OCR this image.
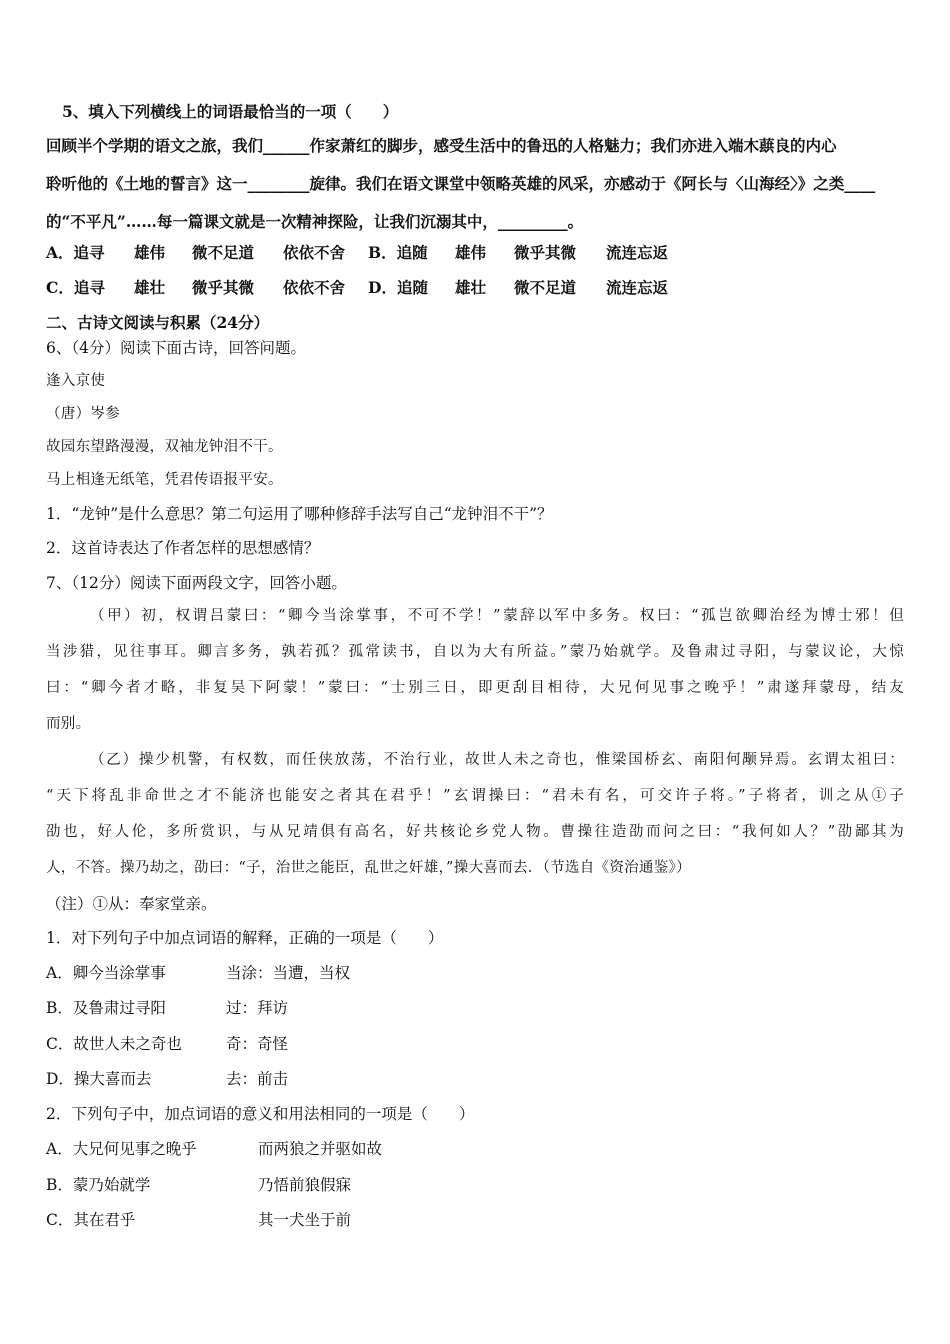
5、填入下列横线上的词语最恰当的一项（　　）
回顾半个学期的语文之旅，我们______作家萧红的脚步，感受生活中的鲁迅的人格魅力；我们亦进入端木蕻良的内心
聆听他的《土地的誓言》这一________旋律。我们在语文课堂中领略英雄的风采，亦感动于《阿长与〈山海经〉》之类____
的“不平凡”……每一篇课文就是一次精神探险，让我们沉溺其中，_________。
A．追寻 雄伟 微不足道 依依不舍 B．追随 雄伟 微乎其微 流连忘返
C．追寻 雄壮 微乎其微 依依不舍 D．追随 雄壮 微不足道 流连忘返
二、古诗文阅读与积累（24分）
6、（4分）阅读下面古诗，回答问题。
逢入京使
（唐）岑参
故园东望路漫漫，双袖龙钟泪不干。
马上相逢无纸笔，凭君传语报平安。
1．“龙钟”是什么意思？第二句运用了哪种修辞手法写自己“龙钟泪不干”？
2．这首诗表达了作者怎样的思想感情？
7、（12分）阅读下面两段文字，回答小题。
（甲）初，权谓吕蒙曰：“卿今当涂掌事，不可不学！”蒙辞以军中多务。权曰：“孤岂欲卿治经为博士邪！但
当涉猎，见往事耳。卿言多务，孰若孤？孤常读书，自以为大有所益。”蒙乃始就学。及鲁肃过寻阳，与蒙议论，大惊
曰：“卿今者才略，非复吴下阿蒙！”蒙曰：“士别三日，即更刮目相待，大兄何见事之晚乎！”肃遂拜蒙母，结友
而别。
（乙）操少机警，有权数，而任侠放荡，不治行业，故世人未之奇也，惟梁国桥玄、南阳何颙异焉。玄谓太祖曰：
“天下将乱非命世之才不能济也能安之者其在君乎！”玄谓操曰：“君未有名，可交许子将。”子将者，训之从①子
劭也，好人伦，多所赏识，与从兄靖俱有高名，好共核论乡党人物。曹操往造劭而问之曰：“我何如人？”劭鄙其为
人，不答。操乃劫之，劭曰：“子，治世之能臣，乱世之奸雄，”操大喜而去．（节选自《资治通鉴》）
（注）①从：奉家堂亲。
1．对下列句子中加点词语的解释，正确的一项是（　　）
A．卿今当涂掌事	当涂：当遭，当权
B．及鲁肃过寻阳	过：拜访
C．故世人未之奇也	奇：奇怪
D．操大喜而去	去：前击
2．下列句子中，加点词语的意义和用法相同的一项是（　　）
A．大兄何见事之晚乎	而两狼之并驱如故
B．蒙乃始就学	乃悟前狼假寐
C．其在君乎	其一犬坐于前
